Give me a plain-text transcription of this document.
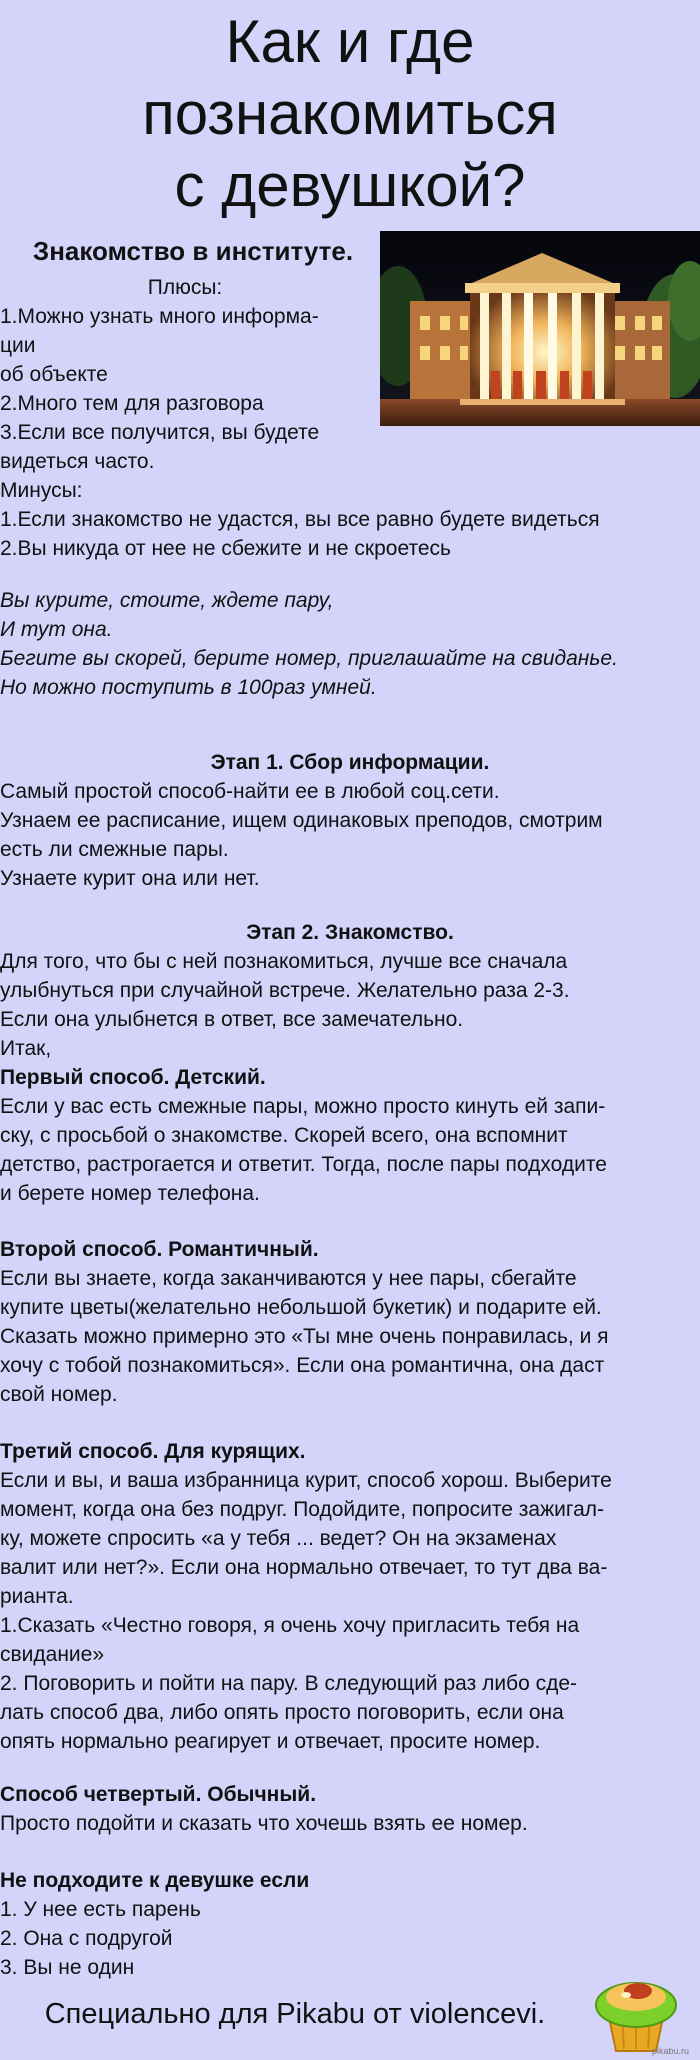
Как и где
познакомиться
с девушкой?
Знакомство в институте.
Плюсы:
1.Можно узнать много информа-
ции
об объекте
2.Много тем для разговора
3.Если все получится, вы будете
видеться часто.
Минусы:
1.Если знакомство не удастся, вы все равно будете видеться
2.Вы никуда от нее не сбежите и не скроетесь
Вы курите, стоите, ждете пару,
И тут она.
Бегите вы скорей, берите номер, приглашайте на свиданье.
Но можно поступить в 100раз умней.
Этап 1. Сбор информации.
Самый простой способ-найти ее в любой соц.сети.
Узнаем ее расписание, ищем одинаковых преподов, смотрим
есть ли смежные пары.
Узнаете курит она или нет.
Этап 2. Знакомство.
Для того, что бы с ней познакомиться, лучше все сначала
улыбнуться при случайной встрече. Желательно раза 2-3.
Если она улыбнется в ответ, все замечательно.
Итак,
Первый способ. Детский.
Если у вас есть смежные пары, можно просто кинуть ей запи-
ску, с просьбой о знакомстве. Скорей всего, она вспомнит
детство, растрогается и ответит. Тогда, после пары подходите
и берете номер телефона.
Второй способ. Романтичный.
Если вы знаете, когда заканчиваются у нее пары, сбегайте
купите цветы(желательно небольшой букетик) и подарите ей.
Сказать можно примерно это «Ты мне очень понравилась, и я
хочу с тобой познакомиться». Если она романтична, она даст
свой номер.
Третий способ. Для курящих.
Если и вы, и ваша избранница курит, способ хорош. Выберите
момент, когда она без подруг. Подойдите, попросите зажигал-
ку, можете спросить «а у тебя ... ведет? Он на экзаменах
валит или нет?». Если она нормально отвечает, то тут два ва-
рианта.
1.Сказать «Честно говоря, я очень хочу пригласить тебя на
свидание»
2. Поговорить и пойти на пару. В следующий раз либо сде-
лать способ два, либо опять просто поговорить, если она
опять нормально реагирует и отвечает, просите номер.
Способ четвертый. Обычный.
Просто подойти и сказать что хочешь взять ее номер.
Не подходите к девушке если
1. У нее есть парень
2. Она с подругой
3. Вы не один
Специально для Pikabu от violencevi.
pikabu.ru
